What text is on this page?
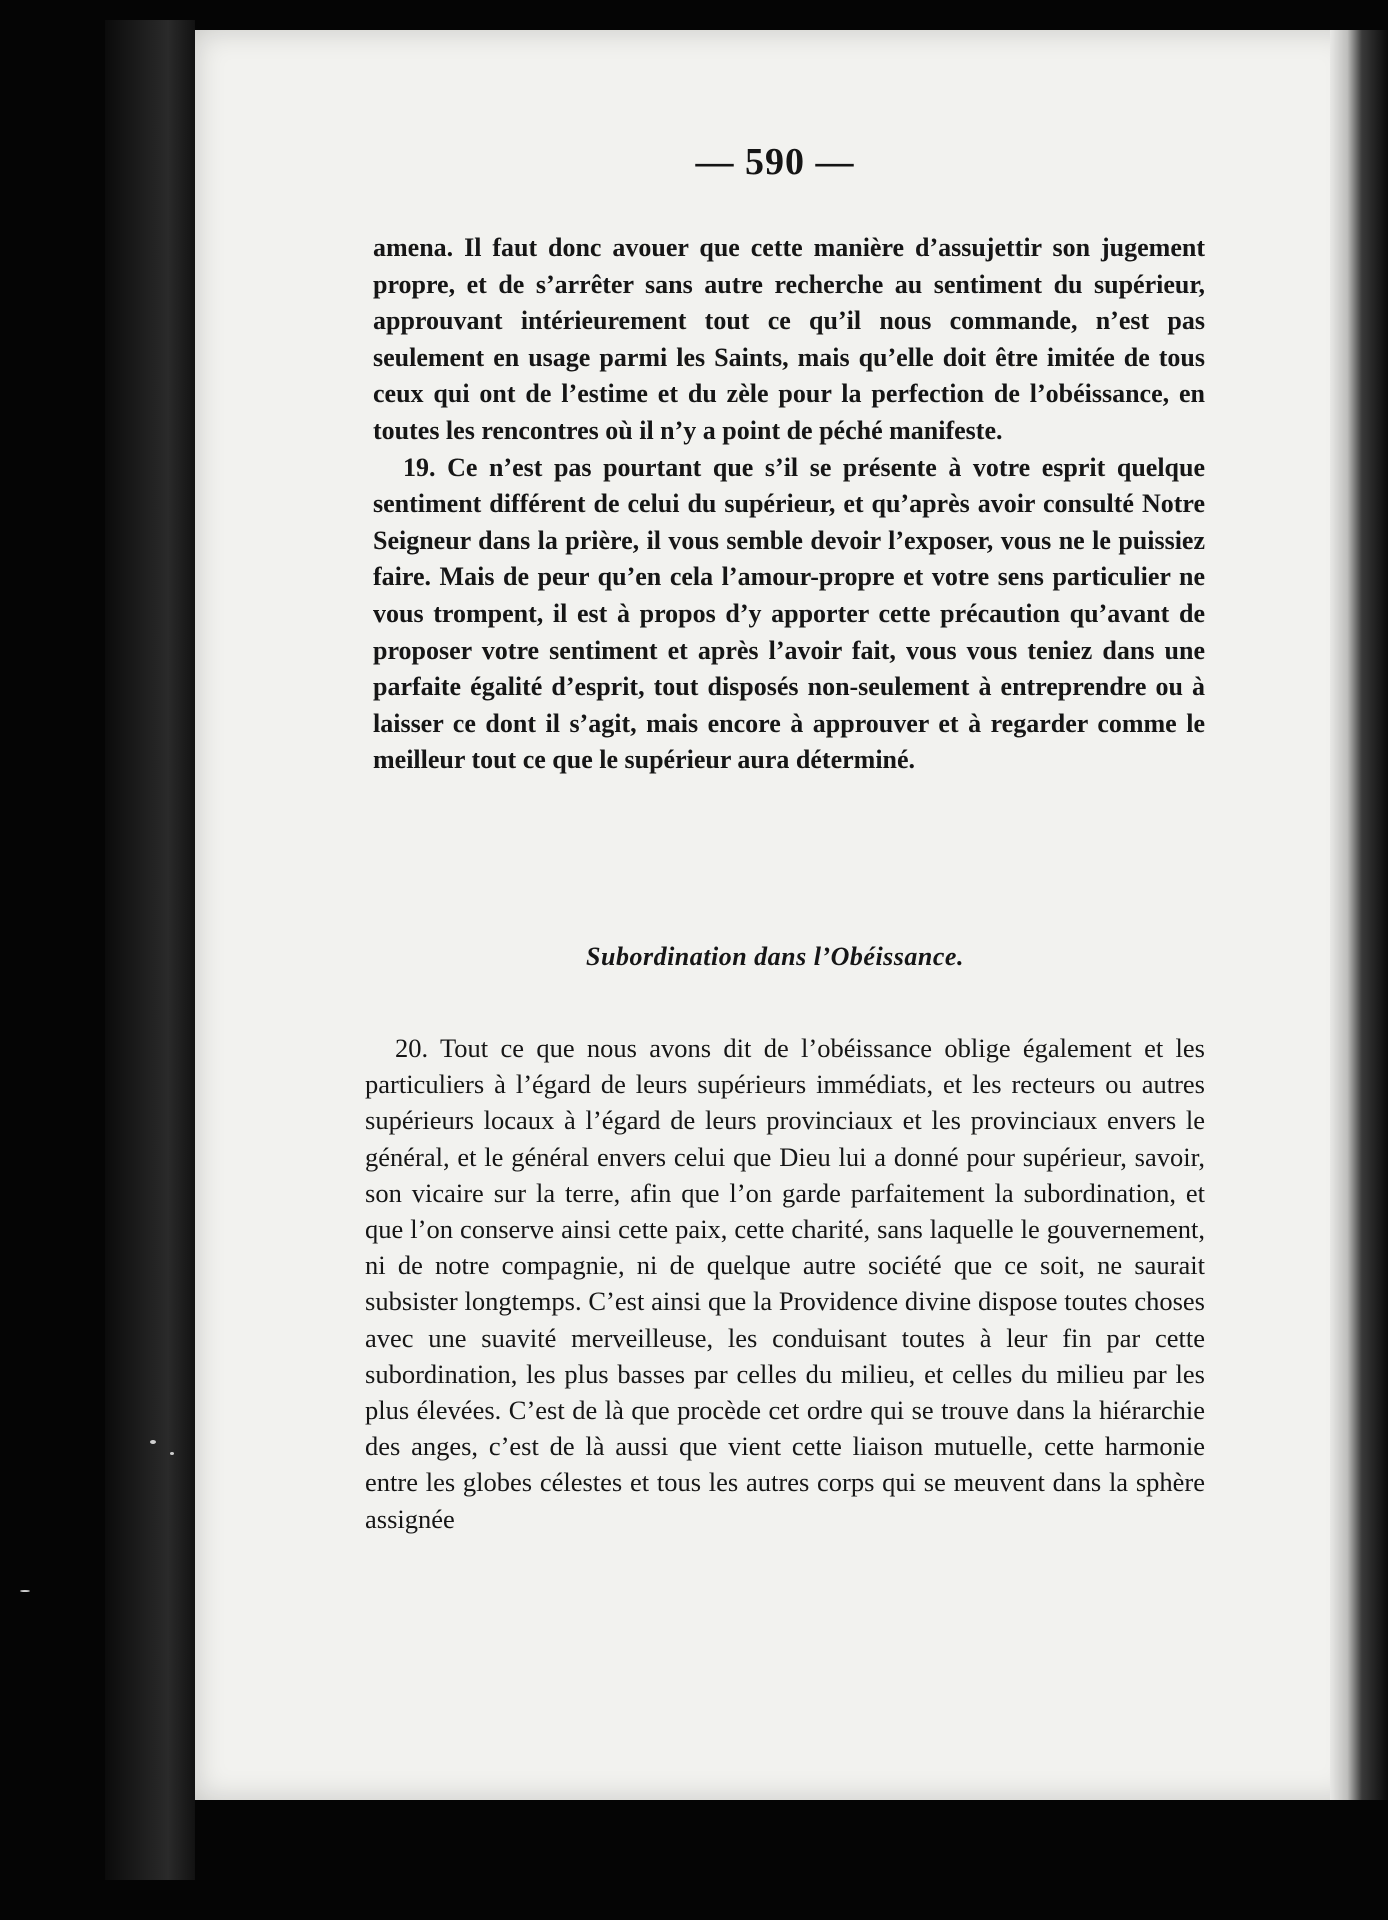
— 590 —

amena. Il faut donc avouer que cette manière d’assujettir son jugement propre, et de s’arrêter sans autre recherche au sentiment du supérieur, approuvant intérieurement tout ce qu’il nous commande, n’est pas seulement en usage parmi les Saints, mais qu’elle doit être imitée de tous ceux qui ont de l’estime et du zèle pour la perfection de l’obéissance, en toutes les rencontres où il n’y a point de péché manifeste.

19. Ce n’est pas pourtant que s’il se présente à votre esprit quelque sentiment différent de celui du supérieur, et qu’après avoir consulté Notre Seigneur dans la prière, il vous semble devoir l’exposer, vous ne le puissiez faire. Mais de peur qu’en cela l’amour-propre et votre sens particulier ne vous trompent, il est à propos d’y apporter cette précaution qu’avant de proposer votre sentiment et après l’avoir fait, vous vous teniez dans une parfaite égalité d’esprit, tout disposés non-seulement à entreprendre ou à laisser ce dont il s’agit, mais encore à approuver et à regarder comme le meilleur tout ce que le supérieur aura déterminé.

Subordination dans l’Obéissance.

20. Tout ce que nous avons dit de l’obéissance oblige également et les particuliers à l’égard de leurs supérieurs immédiats, et les recteurs ou autres supérieurs locaux à l’égard de leurs provinciaux et les provinciaux envers le général, et le général envers celui que Dieu lui a donné pour supérieur, savoir, son vicaire sur la terre, afin que l’on garde parfaitement la subordination, et que l’on conserve ainsi cette paix, cette charité, sans laquelle le gouvernement, ni de notre compagnie, ni de quelque autre société que ce soit, ne saurait subsister longtemps. C’est ainsi que la Providence divine dispose toutes choses avec une suavité merveilleuse, les conduisant toutes à leur fin par cette subordination, les plus basses par celles du milieu, et celles du milieu par les plus élevées. C’est de là que procède cet ordre qui se trouve dans la hiérarchie des anges, c’est de là aussi que vient cette liaison mutuelle, cette harmonie entre les globes célestes et tous les autres corps qui se meuvent dans la sphère assignée
